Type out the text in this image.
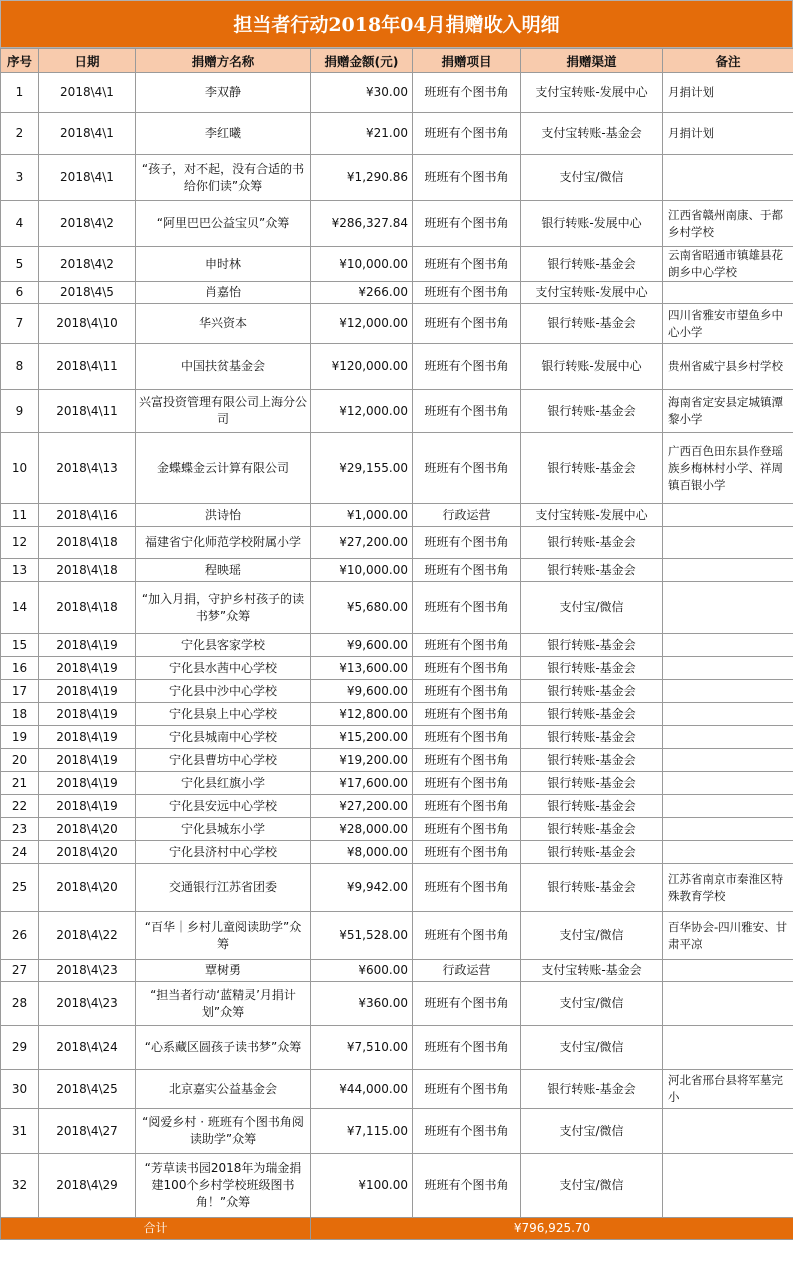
担当者行动2018年04月捐赠收入明细
序号	日期	捐赠方名称	捐赠金额(元)	捐赠项目	捐赠渠道	备注
1	2018\4\1	李双静	¥30.00	班班有个图书角	支付宝转账-发展中心	月捐计划
2	2018\4\1	李红曦	¥21.00	班班有个图书角	支付宝转账-基金会	月捐计划
3	2018\4\1	“孩子，对不起，没有合适的书给你们读”众筹	¥1,290.86	班班有个图书角	支付宝/微信	
4	2018\4\2	“阿里巴巴公益宝贝”众筹	¥286,327.84	班班有个图书角	银行转账-发展中心	江西省赣州南康、于都乡村学校
5	2018\4\2	申时林	¥10,000.00	班班有个图书角	银行转账-基金会	云南省昭通市镇雄县花朗乡中心学校
6	2018\4\5	肖嘉怡	¥266.00	班班有个图书角	支付宝转账-发展中心	
7	2018\4\10	华兴资本	¥12,000.00	班班有个图书角	银行转账-基金会	四川省雅安市望鱼乡中心小学
8	2018\4\11	中国扶贫基金会	¥120,000.00	班班有个图书角	银行转账-发展中心	贵州省威宁县乡村学校
9	2018\4\11	兴富投资管理有限公司上海分公司	¥12,000.00	班班有个图书角	银行转账-基金会	海南省定安县定城镇潭黎小学
10	2018\4\13	金蝶蝶金云计算有限公司	¥29,155.00	班班有个图书角	银行转账-基金会	广西百色田东县作登瑶族乡梅林村小学、祥周镇百银小学
11	2018\4\16	洪诗怡	¥1,000.00	行政运营	支付宝转账-发展中心	
12	2018\4\18	福建省宁化师范学校附属小学	¥27,200.00	班班有个图书角	银行转账-基金会	
13	2018\4\18	程映瑶	¥10,000.00	班班有个图书角	银行转账-基金会	
14	2018\4\18	“加入月捐，守护乡村孩子的读书梦”众筹	¥5,680.00	班班有个图书角	支付宝/微信	
15	2018\4\19	宁化县客家学校	¥9,600.00	班班有个图书角	银行转账-基金会	
16	2018\4\19	宁化县水茜中心学校	¥13,600.00	班班有个图书角	银行转账-基金会	
17	2018\4\19	宁化县中沙中心学校	¥9,600.00	班班有个图书角	银行转账-基金会	
18	2018\4\19	宁化县泉上中心学校	¥12,800.00	班班有个图书角	银行转账-基金会	
19	2018\4\19	宁化县城南中心学校	¥15,200.00	班班有个图书角	银行转账-基金会	
20	2018\4\19	宁化县曹坊中心学校	¥19,200.00	班班有个图书角	银行转账-基金会	
21	2018\4\19	宁化县红旗小学	¥17,600.00	班班有个图书角	银行转账-基金会	
22	2018\4\19	宁化县安远中心学校	¥27,200.00	班班有个图书角	银行转账-基金会	
23	2018\4\20	宁化县城东小学	¥28,000.00	班班有个图书角	银行转账-基金会	
24	2018\4\20	宁化县济村中心学校	¥8,000.00	班班有个图书角	银行转账-基金会	
25	2018\4\20	交通银行江苏省团委	¥9,942.00	班班有个图书角	银行转账-基金会	江苏省南京市秦淮区特殊教育学校
26	2018\4\22	“百华｜乡村儿童阅读助学”众筹	¥51,528.00	班班有个图书角	支付宝/微信	百华协会-四川雅安、甘肃平凉
27	2018\4\23	覃树勇	¥600.00	行政运营	支付宝转账-基金会	
28	2018\4\23	“担当者行动‘蓝精灵’月捐计划”众筹	¥360.00	班班有个图书角	支付宝/微信	
29	2018\4\24	“心系藏区圆孩子读书梦”众筹	¥7,510.00	班班有个图书角	支付宝/微信	
30	2018\4\25	北京嘉实公益基金会	¥44,000.00	班班有个图书角	银行转账-基金会	河北省邢台县将军墓完小
31	2018\4\27	“阅爱乡村 · 班班有个图书角阅读助学”众筹	¥7,115.00	班班有个图书角	支付宝/微信	
32	2018\4\29	“芳草读书园2018年为瑞金捐建100个乡村学校班级图书角！”众筹	¥100.00	班班有个图书角	支付宝/微信	
合计			¥796,925.70			
